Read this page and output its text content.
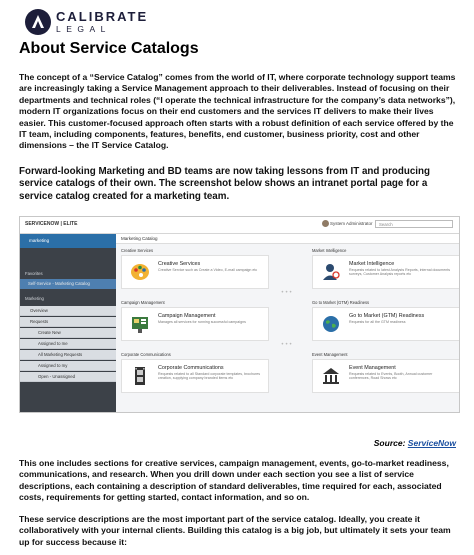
CALIBRATE
LEGAL
About Service Catalogs

The concept of a “Service Catalog” comes from the world of IT, where corporate technology support teams are increasingly taking a Service Management approach to their deliverables. Instead of focusing on their departments and technical roles (“I operate the technical infrastructure for the company’s data networks”), modern IT organizations focus on their end customers and the services IT delivers to make their lives easier. This customer-focused approach often starts with a robust definition of each service offered by the IT team, including components, features, benefits, end customer, business priority, cost and other dimensions – the IT Service Catalog.

Forward-looking Marketing and BD teams are now taking lessons from IT and producing service catalogs of their own. The screenshot below shows an intranet portal page for a service catalog created for a marketing team.

SERVICENOW | ELITE	System Administrator	Search
marketing
Favorites
Self-Service - Marketing Catalog
Marketing
Overview
Requests
Create New
Assigned to me
All Marketing Requests
Assigned to my
Open - Unassigned
Marketing Catalog
Creative Services	Market Intelligence
Creative Services
Creative Service such as Create a Video, E-mail campaign etc
Market Intelligence
Requests related to latest Analysts Reports, internal documents surveys, Customer Analysis reports etc
•••
Campaign Management	Go to Market (GTM) Readiness
Campaign Management
Manages all services for running successful campaigns
Go to Market (GTM) Readiness
Requests for all the GTM readiness
•••
Corporate Communications	Event Management
Corporate Communications
Requests related to all Standard corporate templates, brochures creation, supplying company branded items etc
Event Management
Requests related to Events, Booth, Annual customer conferences, Road Shows etc
Source: ServiceNow

This one includes sections for creative services, campaign management, events, go-to-market readiness, communications, and research. When you drill down under each section you see a list of service descriptions, each containing a description of standard deliverables, time required for each, associated costs, requirements for getting started, contact information, and so on.

These service descriptions are the most important part of the service catalog. Ideally, you create it collaboratively with your internal clients. Building this catalog is a big job, but ultimately it sets your team up for success because it:
